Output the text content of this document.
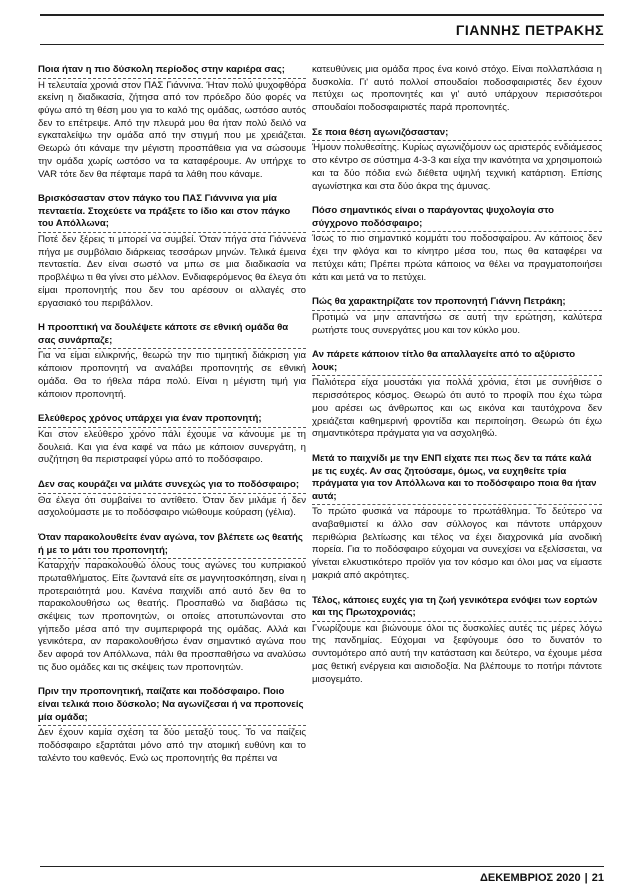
ΓΙΑΝΝΗΣ ΠΕΤΡΑΚΗΣ
Ποια ήταν η πιο δύσκολη περίοδος στην καριέρα σας;

Η τελευταία χρονιά στον ΠΑΣ Γιάννινα. Ήταν πολύ ψυχοφθόρα εκείνη η διαδικασία, ζήτησα από τον πρόεδρο δύο φορές να φύγω από τη θέση μου για το καλό της ομάδας, ωστόσο αυτός δεν το επέτρεψε. Από την πλευρά μου θα ήταν πολύ δειλό να εγκαταλείψω την ομάδα από την στιγμή που με χρειάζεται. Θεωρώ ότι κάναμε την μέγιστη προσπάθεια για να σώσουμε την ομάδα χωρίς ωστόσο να τα καταφέρουμε. Αν υπήρχε το VAR τότε δεν θα πέφταμε παρά τα λάθη που κάναμε.

Βρισκόσασταν στον πάγκο του ΠΑΣ Γιάννινα για μία πενταετία. Στοχεύετε να πράξετε το ίδιο και στον πάγκο του Απόλλωνα;

Ποτέ δεν ξέρεις τι μπορεί να συμβεί. Όταν πήγα στα Γιάννενα πήγα με συμβόλαιο διάρκειας τεσσάρων μηνών. Τελικά έμεινα πενταετία. Δεν είναι σωστό να μπω σε μια διαδικασία να προβλέψω τι θα γίνει στο μέλλον. Ενδιαφερόμενος θα έλεγα ότι είμαι προπονητής που δεν του αρέσουν οι αλλαγές στο εργασιακό του περιβάλλον.

Η προοπτική να δουλέψετε κάποτε σε εθνική ομάδα θα σας συνάρπαζε;

Για να είμαι ειλικρινής, θεωρώ την πιο τιμητική διάκριση για κάποιον προπονητή να αναλάβει προπονητής σε εθνική ομάδα. Θα το ήθελα πάρα πολύ. Είναι η μέγιστη τιμή για κάποιον προπονητή.

Ελεύθερος χρόνος υπάρχει για έναν προπονητή;

Και στον ελεύθερο χρόνο πάλι έχουμε να κάνουμε με τη δουλειά. Και για ένα καφέ να πάω με κάποιον συνεργάτη, η συζήτηση θα περιστραφεί γύρω από το ποδόσφαιρο.

Δεν σας κουράζει να μιλάτε συνεχώς για το ποδόσφαιρο;

Θα έλεγα ότι συμβαίνει το αντίθετο. Όταν δεν μιλάμε ή δεν ασχολούμαστε με το ποδόσφαιρο νιώθουμε κούραση (γέλια).

Όταν παρακολουθείτε έναν αγώνα, τον βλέπετε ως θεατής ή με το μάτι του προπονητή;

Καταρχήν παρακολουθώ όλους τους αγώνες του κυπριακού πρωταθλήματος. Είτε ζωντανά είτε σε μαγνητοσκόπηση, είναι η προτεραιότητά μου. Κανένα παιχνίδι από αυτό δεν θα το παρακολουθήσω ως θεατής. Προσπαθώ να διαβάσω τις σκέψεις των προπονητών, οι οποίες αποτυπώνονται στο γήπεδο μέσα από την συμπεριφορά της ομάδας. Αλλά και γενικότερα, αν παρακολουθήσω έναν σημαντικό αγώνα που δεν αφορά τον Απόλλωνα, πάλι θα προσπαθήσω να αναλύσω τις δυο ομάδες και τις σκέψεις των προπονητών.

Πριν την προπονητική, παίζατε και ποδόσφαιρο. Ποιο είναι τελικά ποιο δύσκολο; Να αγωνίζεσαι ή να προπονείς μία ομάδα;

Δεν έχουν καμία σχέση τα δύο μεταξύ τους. Το να παίζεις ποδόσφαιρο εξαρτάται μόνο από την ατομική ευθύνη και το ταλέντο του καθενός. Ενώ ως προπονητής θα πρέπει να

κατευθύνεις μια ομάδα προς ένα κοινό στόχο. Είναι πολλαπλάσια η δυσκολία. Γι' αυτό πολλοί σπουδαίοι ποδοσφαιριστές δεν έχουν πετύχει ως προπονητές και γι' αυτό υπάρχουν περισσότεροι σπουδαίοι ποδοσφαιριστές παρά προπονητές.

Σε ποια θέση αγωνιζόσασταν;

Ήμουν πολυθεσίτης. Κυρίως αγωνιζόμουν ως αριστερός ενδιάμεσος στο κέντρο σε σύστημα 4-3-3 και είχα την ικανότητα να χρησιμοποιώ και τα δύο πόδια ενώ διέθετα υψηλή τεχνική κατάρτιση. Επίσης αγωνίστηκα και στα δύο άκρα της άμυνας.

Πόσο σημαντικός είναι ο παράγοντας ψυχολογία στο σύγχρονο ποδόσφαιρο;

Ίσως το πιο σημαντικό κομμάτι του ποδοσφαίρου. Αν κάποιος δεν έχει την φλόγα και το κίνητρο μέσα του, πως θα καταφέρει να πετύχει κάτι; Πρέπει πρώτα κάποιος να θέλει να πραγματοποιήσει κάτι και μετά να το πετύχει.

Πώς θα χαρακτηρίζατε τον προπονητή Γιάννη Πετράκη;

Προτιμώ να μην απαντήσω σε αυτή την ερώτηση, καλύτερα ρωτήστε τους συνεργάτες μου και τον κύκλο μου.

Αν πάρετε κάποιον τίτλο θα απαλλαγείτε από το αξύριστο λουκ;

Παλιότερα είχα μουστάκι για πολλά χρόνια, έτσι με συνήθισε ο περισσότερος κόσμος. Θεωρώ ότι αυτό το προφίλ που έχω τώρα μου αρέσει ως άνθρωπος και ως εικόνα και ταυτόχρονα δεν χρειάζεται καθημερινή φροντίδα και περιποίηση. Θεωρώ ότι έχω σημαντικότερα πράγματα για να ασχοληθώ.

Μετά το παιχνίδι με την ΕΝΠ είχατε πει πως δεν τα πάτε καλά με τις ευχές. Αν σας ζητούσαμε, όμως, να ευχηθείτε τρία πράγματα για τον Απόλλωνα και το ποδόσφαιρο ποια θα ήταν αυτά;

Το πρώτο φυσικά να πάρουμε το πρωτάθλημα. Το δεύτερο να αναβαθμιστεί κι άλλο σαν σύλλογος και πάντοτε υπάρχουν περιθώρια βελτίωσης και τέλος να έχει διαχρονικά μία ανοδική πορεία. Για το ποδόσφαιρο εύχομαι να συνεχίσει να εξελίσσεται, να γίνεται ελκυστικότερο προϊόν για τον κόσμο και όλοι μας να είμαστε μακριά από ακρότητες.

Τέλος, κάποιες ευχές για τη ζωή γενικότερα ενόψει των εορτών και της Πρωτοχρονιάς;

Γνωρίζουμε και βιώνουμε όλοι τις δυσκολίες αυτές τις μέρες λόγω της πανδημίας. Εύχομαι να ξεφύγουμε όσο το δυνατόν το συντομότερο από αυτή την κατάσταση και δεύτερο, να έχουμε μέσα μας θετική ενέργεια και αισιοδοξία. Να βλέπουμε το ποτήρι πάντοτε μισογεμάτο.

ΔΕΚΕΜΒΡΙΟΣ 2020 | 21
